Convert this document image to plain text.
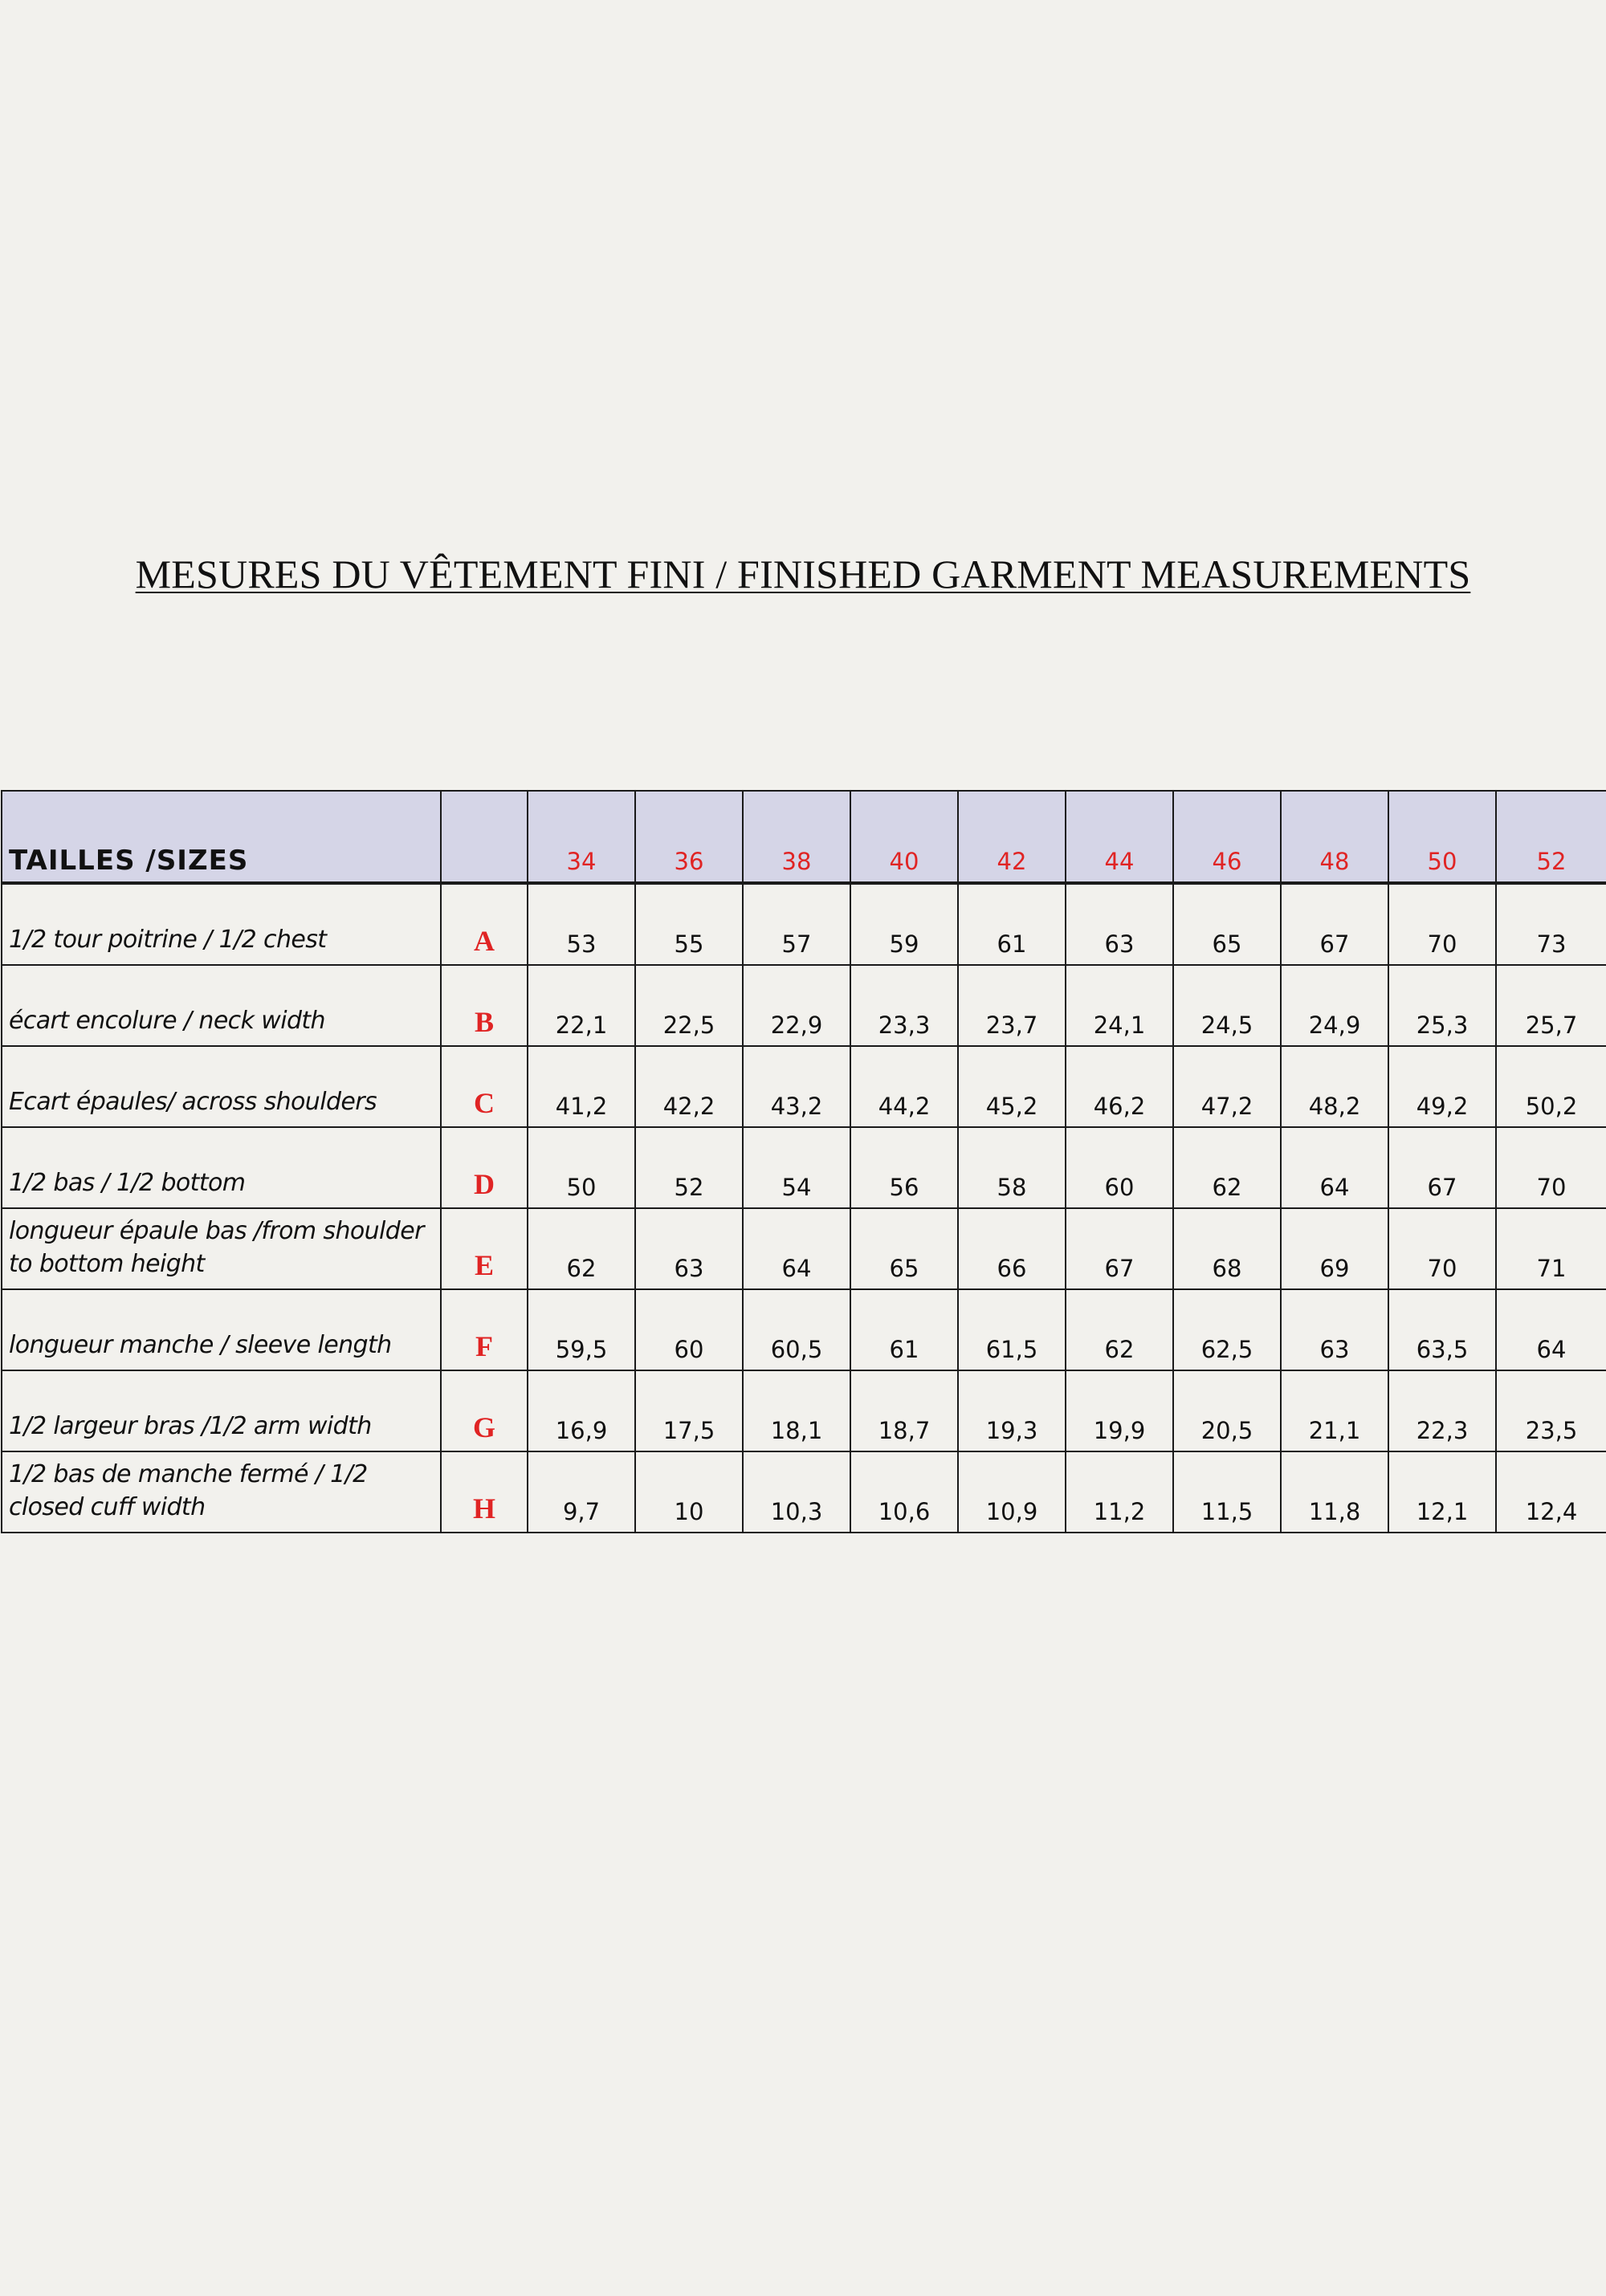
MESURES DU VÊTEMENT FINI / FINISHED GARMENT MEASUREMENTS
TAILLES /SIZES		34	36	38	40	42	44	46	48	50	52
1/2 tour poitrine / 1/2 chest	A	53	55	57	59	61	63	65	67	70	73
écart encolure / neck width	B	22,1	22,5	22,9	23,3	23,7	24,1	24,5	24,9	25,3	25,7
Ecart épaules/ across shoulders	C	41,2	42,2	43,2	44,2	45,2	46,2	47,2	48,2	49,2	50,2
1/2 bas / 1/2 bottom	D	50	52	54	56	58	60	62	64	67	70
longueur épaule bas /from shoulder to bottom height	E	62	63	64	65	66	67	68	69	70	71
longueur manche / sleeve length	F	59,5	60	60,5	61	61,5	62	62,5	63	63,5	64
1/2 largeur bras /1/2 arm width	G	16,9	17,5	18,1	18,7	19,3	19,9	20,5	21,1	22,3	23,5
1/2 bas de manche fermé / 1/2 closed cuff width	H	9,7	10	10,3	10,6	10,9	11,2	11,5	11,8	12,1	12,4
